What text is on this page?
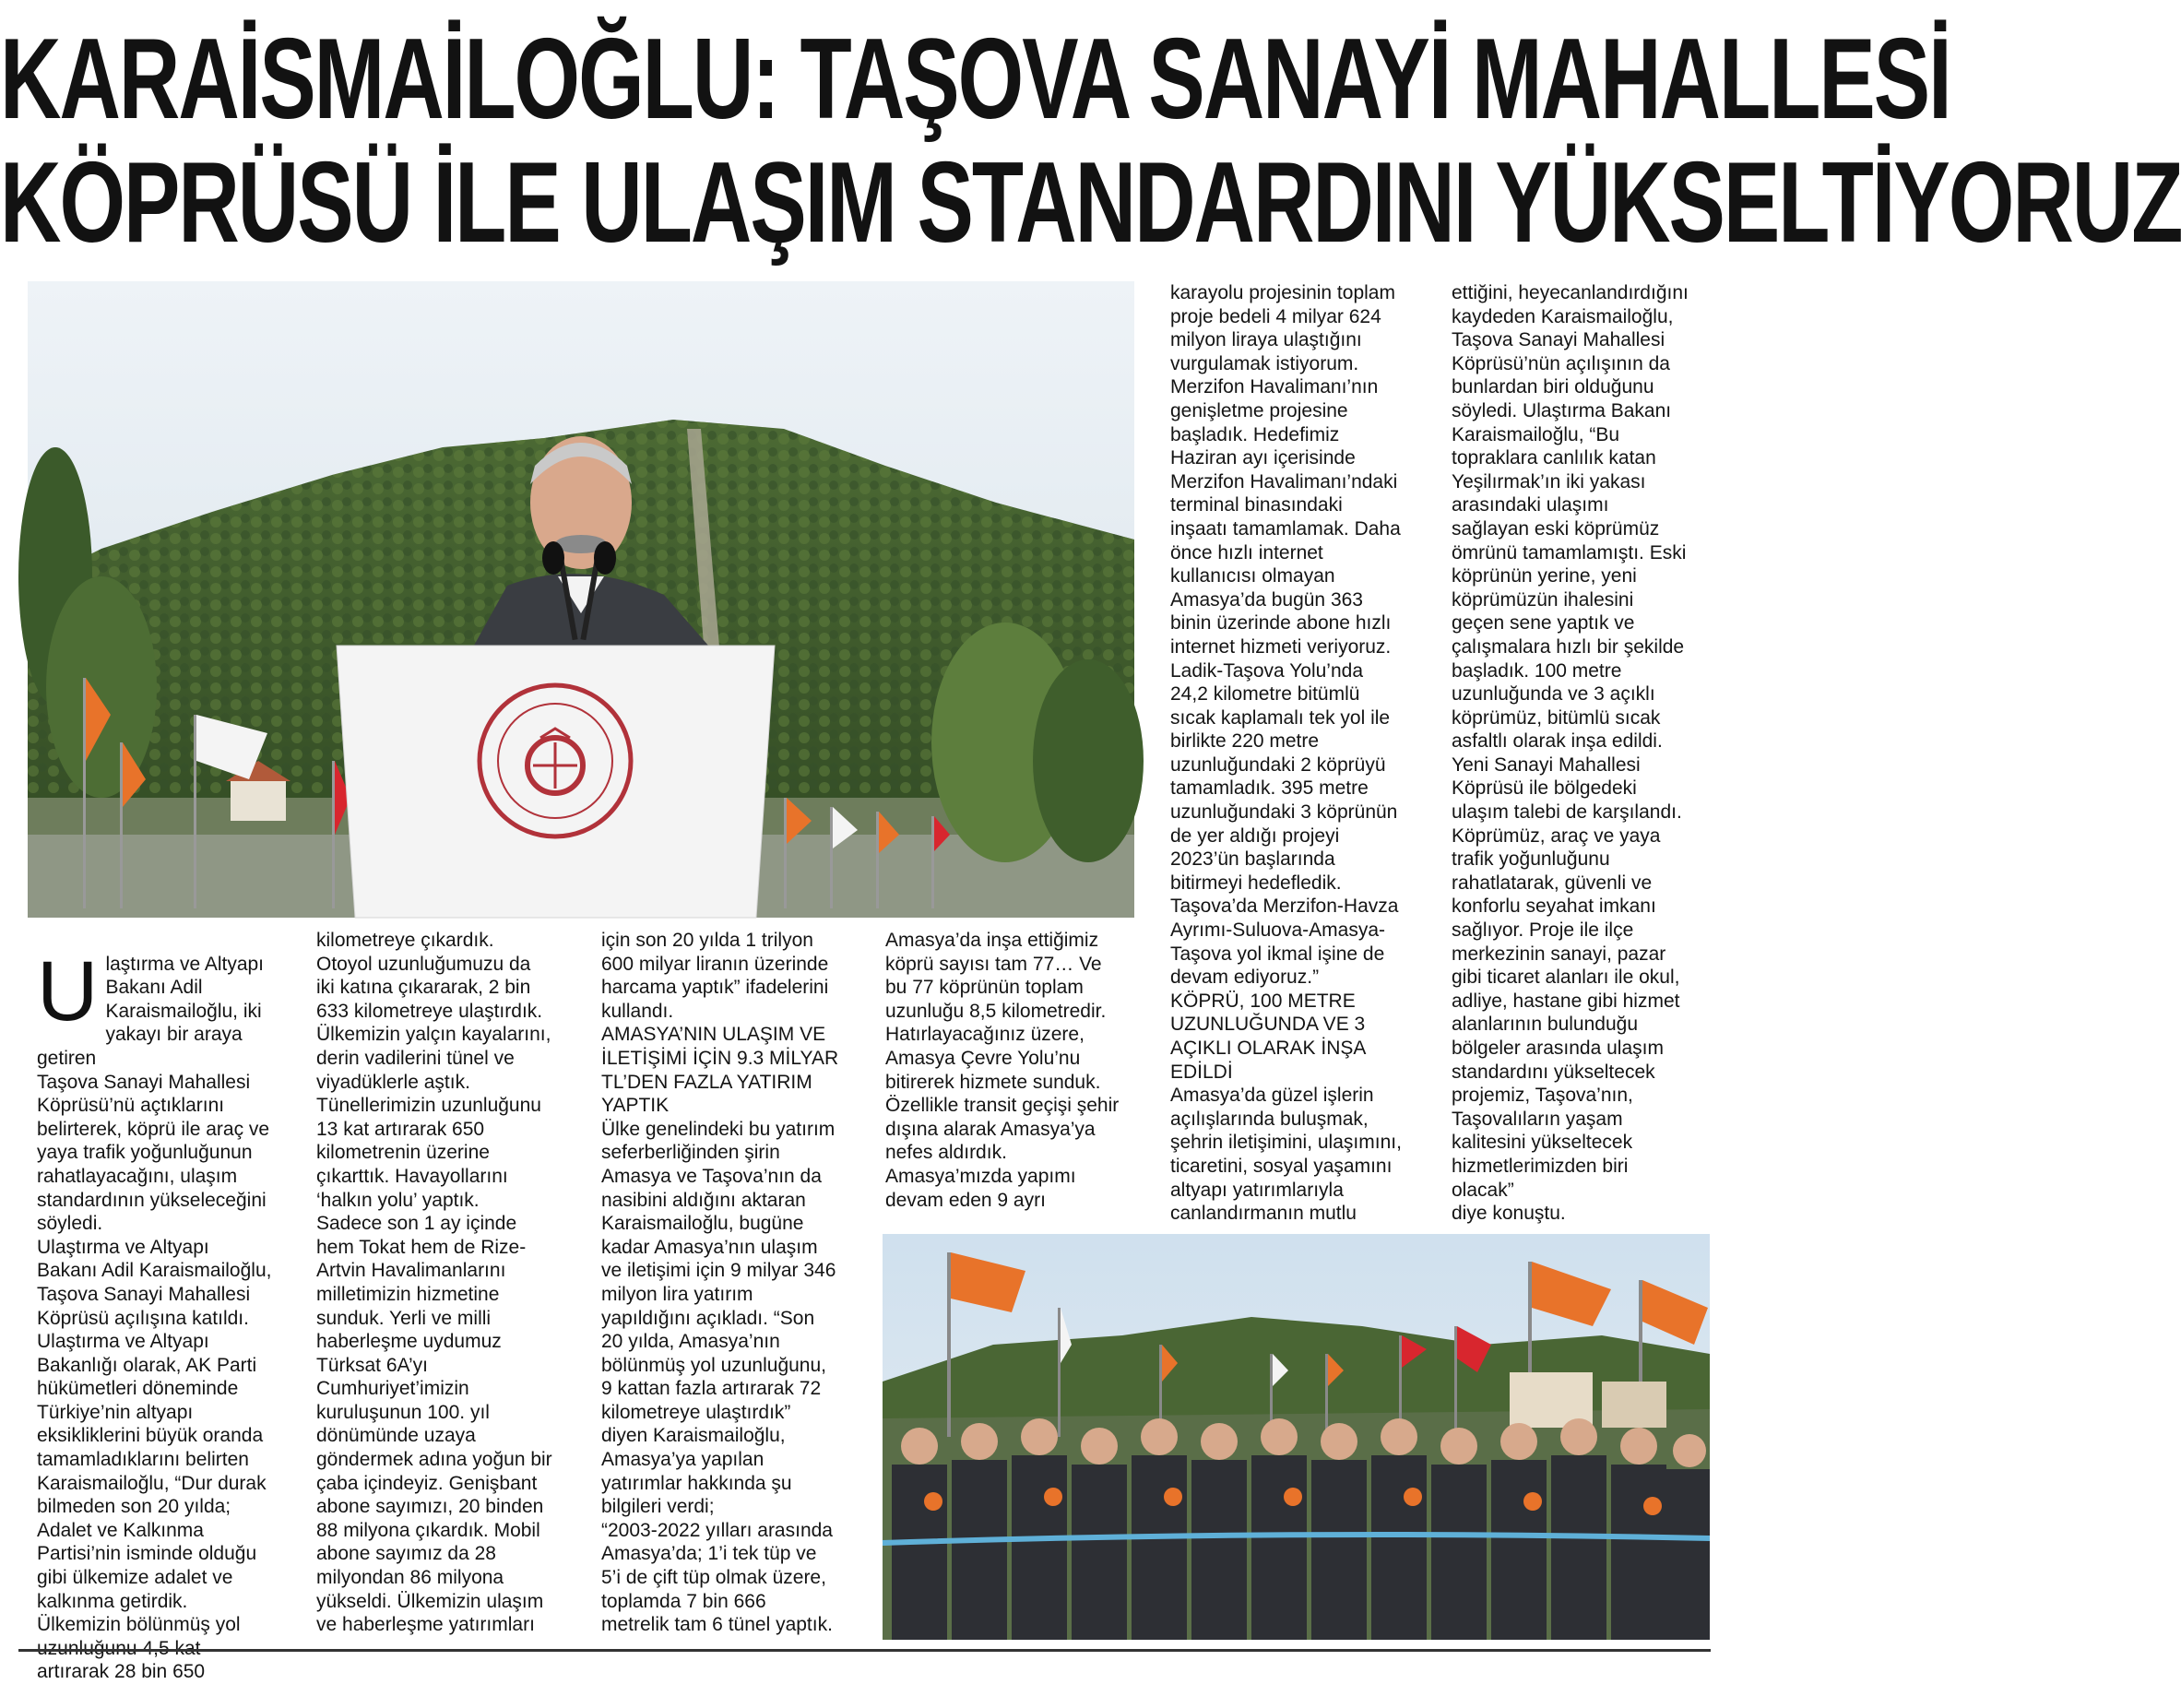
KARAİSMAİLOĞLU: TAŞOVA SANAYİ MAHALLESİ
KÖPRÜSÜ İLE ULAŞIM STANDARDINI YÜKSELTİYORUZ

U laştırma ve Altyapı
Bakanı Adil
Karaismailoğlu, iki
yakayı bir araya getiren
Taşova Sanayi Mahallesi
Köprüsü’nü açtıklarını
belirterek, köprü ile araç ve
yaya trafik yoğunluğunun
rahatlayacağını, ulaşım
standardının yükseleceğini
söyledi.
Ulaştırma ve Altyapı
Bakanı Adil Karaismailoğlu,
Taşova Sanayi Mahallesi
Köprüsü açılışına katıldı.
Ulaştırma ve Altyapı
Bakanlığı olarak, AK Parti
hükümetleri döneminde
Türkiye’nin altyapı
eksikliklerini büyük oranda
tamamladıklarını belirten
Karaismailoğlu, “Dur durak
bilmeden son 20 yılda;
Adalet ve Kalkınma
Partisi’nin isminde olduğu
gibi ülkemize adalet ve
kalkınma getirdik.
Ülkemizin bölünmüş yol

artırarak 28 bin 650

kilometreye çıkardık.
Otoyol uzunluğumuzu da
iki katına çıkararak, 2 bin
633 kilometreye ulaştırdık.
Ülkemizin yalçın kayalarını,
derin vadilerini tünel ve
viyadüklerle aştık.
Tünellerimizin uzunluğunu
13 kat artırarak 650
kilometrenin üzerine
çıkarttık. Havayollarını
‘halkın yolu’ yaptık.
Sadece son 1 ay içinde
hem Tokat hem de Rize-
Artvin Havalimanlarını
milletimizin hizmetine
sunduk. Yerli ve milli
haberleşme uydumuz
Türksat 6A’yı
Cumhuriyet’imizin
kuruluşunun 100. yıl
dönümünde uzaya
göndermek adına yoğun bir
çaba içindeyiz. Genişbant
abone sayımızı, 20 binden
88 milyona çıkardık. Mobil
abone sayımız da 28
milyondan 86 milyona
yükseldi. Ülkemizin ulaşım
ve haberleşme yatırımları
için son 20 yılda 1 trilyon
600 milyar liranın üzerinde
harcama yaptık” ifadelerini
kullandı.
AMASYA’NIN ULAŞIM VE
İLETİŞİMİ İÇİN 9.3 MİLYAR
TL’DEN FAZLA YATIRIM
YAPTIK
Ülke genelindeki bu yatırım
seferberliğinden şirin
Amasya ve Taşova’nın da
nasibini aldığını aktaran
Karaismailoğlu, bugüne
kadar Amasya’nın ulaşım
ve iletişimi için 9 milyar 346
milyon lira yatırım
yapıldığını açıkladı. “Son
20 yılda, Amasya’nın
bölünmüş yol uzunluğunu,
9 kattan fazla artırarak 72
kilometreye ulaştırdık”
diyen Karaismailoğlu,
Amasya’ya yapılan
yatırımlar hakkında şu
bilgileri verdi;
“2003-2022 yılları arasında
Amasya’da; 1’i tek tüp ve
5’i de çift tüp olmak üzere,
toplamda 7 bin 666
metrelik tam 6 tünel yaptık.
Amasya’da inşa ettiğimiz
köprü sayısı tam 77… Ve
bu 77 köprünün toplam
uzunluğu 8,5 kilometredir.
Hatırlayacağınız üzere,
Amasya Çevre Yolu’nu
bitirerek hizmete sunduk.
Özellikle transit geçişi şehir
dışına alarak Amasya’ya
nefes aldırdık.
Amasya’mızda yapımı
devam eden 9 ayrı
karayolu projesinin toplam
proje bedeli 4 milyar 624
milyon liraya ulaştığını
vurgulamak istiyorum.
Merzifon Havalimanı’nın
genişletme projesine
başladık. Hedefimiz
Haziran ayı içerisinde
Merzifon Havalimanı’ndaki
terminal binasındaki
inşaatı tamamlamak. Daha
önce hızlı internet
kullanıcısı olmayan
Amasya’da bugün 363
binin üzerinde abone hızlı
internet hizmeti veriyoruz.
Ladik-Taşova Yolu’nda
24,2 kilometre bitümlü
sıcak kaplamalı tek yol ile
birlikte 220 metre
uzunluğundaki 2 köprüyü
tamamladık. 395 metre
uzunluğundaki 3 köprünün
de yer aldığı projeyi
2023’ün başlarında
bitirmeyi hedefledik.
Taşova’da Merzifon-Havza
Ayrımı-Suluova-Amasya-
Taşova yol ikmal işine de
devam ediyoruz.”
KÖPRÜ, 100 METRE
UZUNLUĞUNDA VE 3
AÇIKLI OLARAK İNŞA
EDİLDİ
Amasya’da güzel işlerin
açılışlarında buluşmak,
şehrin iletişimini, ulaşımını,
ticaretini, sosyal yaşamını
altyapı yatırımlarıyla
canlandırmanın mutlu
ettiğini, heyecanlandırdığını
kaydeden Karaismailoğlu,
Taşova Sanayi Mahallesi
Köprüsü’nün açılışının da
bunlardan biri olduğunu
söyledi. Ulaştırma Bakanı
Karaismailoğlu, “Bu
topraklara canlılık katan
Yeşilırmak’ın iki yakası
arasındaki ulaşımı
sağlayan eski köprümüz
ömrünü tamamlamıştı. Eski
köprünün yerine, yeni
köprümüzün ihalesini
geçen sene yaptık ve
çalışmalara hızlı bir şekilde
başladık. 100 metre
uzunluğunda ve 3 açıklı
köprümüz, bitümlü sıcak
asfaltlı olarak inşa edildi.
Yeni Sanayi Mahallesi
Köprüsü ile bölgedeki
ulaşım talebi de karşılandı.
Köprümüz, araç ve yaya
trafik yoğunluğunu
rahatlatarak, güvenli ve
konforlu seyahat imkanı
sağlıyor. Proje ile ilçe
merkezinin sanayi, pazar
gibi ticaret alanları ile okul,
adliye, hastane gibi hizmet
alanlarının bulunduğu
bölgeler arasında ulaşım
standardını yükseltecek
projemiz, Taşova’nın,
Taşovalıların yaşam
kalitesini yükseltecek
hizmetlerimizden biri
olacak”
diye konuştu.
